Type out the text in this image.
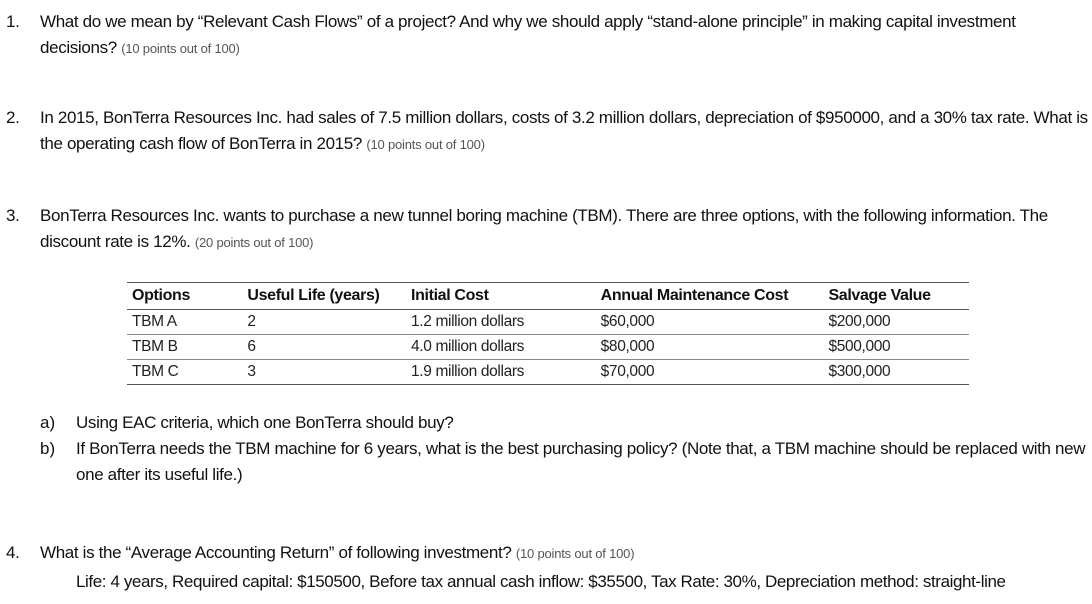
1. What do we mean by “Relevant Cash Flows” of a project? And why we should apply “stand-alone principle” in making capital investment decisions? (10 points out of 100)
2. In 2015, BonTerra Resources Inc. had sales of 7.5 million dollars, costs of 3.2 million dollars, depreciation of $950000, and a 30% tax rate. What is the operating cash flow of BonTerra in 2015? (10 points out of 100)
3. BonTerra Resources Inc. wants to purchase a new tunnel boring machine (TBM). There are three options, with the following information. The discount rate is 12%. (20 points out of 100)
Options	Useful Life (years)	Initial Cost	Annual Maintenance Cost	Salvage Value
TBM A	2	1.2 million dollars	$60,000	$200,000
TBM B	6	4.0 million dollars	$80,000	$500,000
TBM C	3	1.9 million dollars	$70,000	$300,000
a) Using EAC criteria, which one BonTerra should buy?
b) If BonTerra needs the TBM machine for 6 years, what is the best purchasing policy? (Note that, a TBM machine should be replaced with new one after its useful life.)
4. What is the “Average Accounting Return” of following investment? (10 points out of 100)
Life: 4 years, Required capital: $150500, Before tax annual cash inflow: $35500, Tax Rate: 30%, Depreciation method: straight-line
